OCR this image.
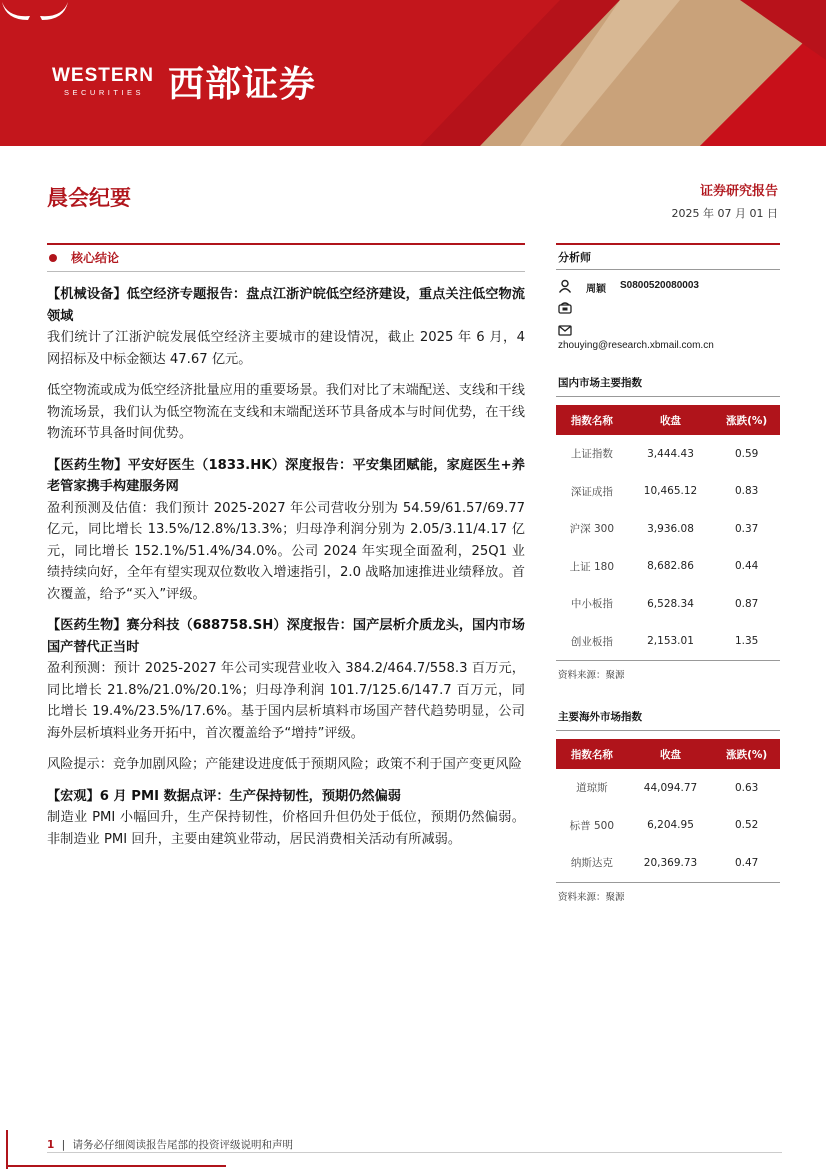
WESTERN
SECURITIES 西部证券
晨会纪要	证券研究报告
2025 年 07 月 01 日
核心结论

【机械设备】低空经济专题报告：盘点江浙沪皖低空经济建设，重点关注低空物流领域

我们统计了江浙沪皖发展低空经济主要城市的建设情况，截止 2025 年 6 月，4 网招标及中标金额达 47.67 亿元。

低空物流或成为低空经济批量应用的重要场景。我们对比了末端配送、支线和干线物流场景，我们认为低空物流在支线和末端配送环节具备成本与时间优势，在干线物流环节具备时间优势。

【医药生物】平安好医生（1833.HK）深度报告：平安集团赋能，家庭医生+养老管家携手构建服务网

盈利预测及估值：我们预计 2025-2027 年公司营收分别为 54.59/61.57/69.77 亿元，同比增长 13.5%/12.8%/13.3%；归母净利润分别为 2.05/3.11/4.17 亿元，同比增长 152.1%/51.4%/34.0%。公司 2024 年实现全面盈利，25Q1 业绩持续向好，全年有望实现双位数收入增速指引，2.0 战略加速推进业绩释放。首次覆盖，给予“买入”评级。

【医药生物】赛分科技（688758.SH）深度报告：国产层析介质龙头，国内市场国产替代正当时

盈利预测：预计 2025-2027 年公司实现营业收入 384.2/464.7/558.3 百万元，同比增长 21.8%/21.0%/20.1%；归母净利润 101.7/125.6/147.7 百万元，同比增长 19.4%/23.5%/17.6%。基于国内层析填料市场国产替代趋势明显，公司海外层析填料业务开拓中，首次覆盖给予“增持”评级。

风险提示：竞争加剧风险；产能建设进度低于预期风险；政策不利于国产变更风险

【宏观】6 月 PMI 数据点评：生产保持韧性，预期仍然偏弱

制造业 PMI 小幅回升，生产保持韧性，价格回升但仍处于低位，预期仍然偏弱。非制造业 PMI 回升，主要由建筑业带动，居民消费相关活动有所减弱。

分析师
周颖 S0800520080003
zhouying@research.xbmail.com.cn
国内市场主要指数
指数名称	收盘	涨跌(%)
上证指数	3,444.43	0.59
深证成指	10,465.12	0.83
沪深 300	3,936.08	0.37
上证 180	8,682.86	0.44
中小板指	6,528.34	0.87
创业板指	2,153.01	1.35
资料来源：聚源
主要海外市场指数
指数名称	收盘	涨跌(%)
道琼斯	44,094.77	0.63
标普 500	6,204.95	0.52
纳斯达克	20,369.73	0.47
资料来源：聚源
1 | 请务必仔细阅读报告尾部的投资评级说明和声明
